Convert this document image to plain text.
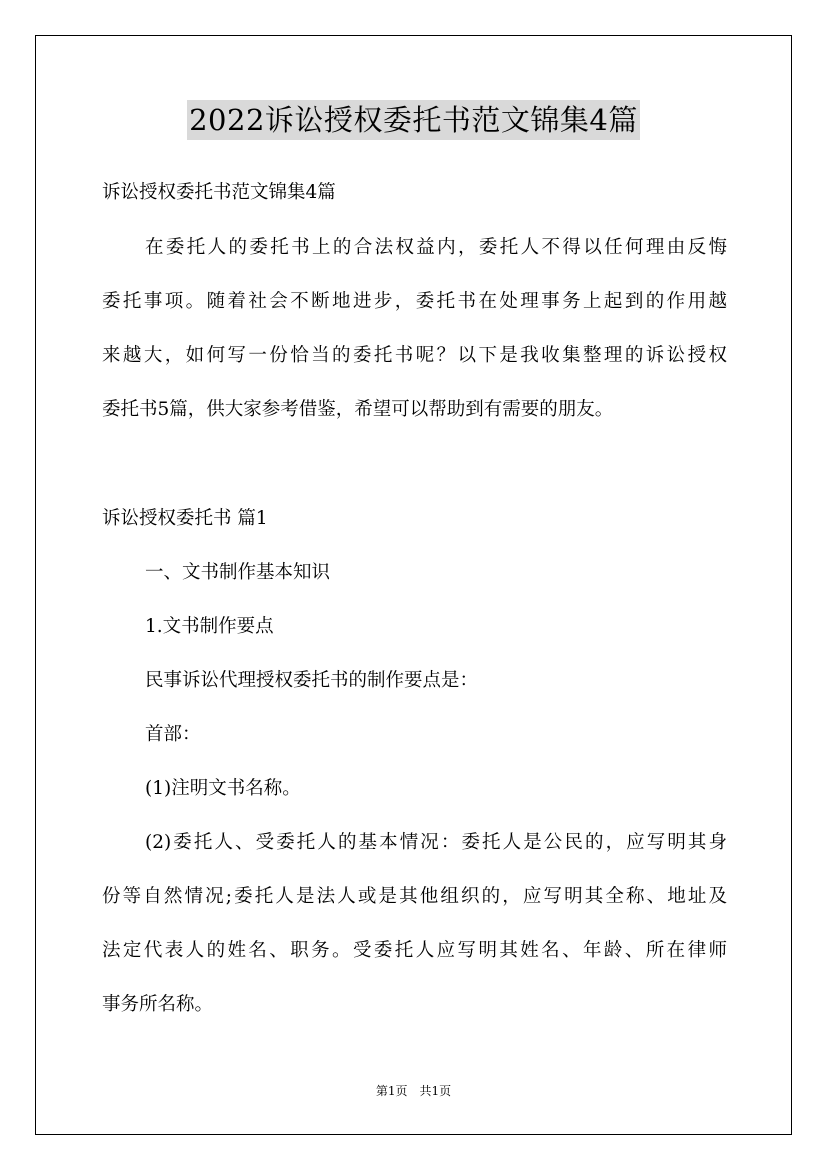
2022诉讼授权委托书范文锦集4篇
诉讼授权委托书范文锦集4篇
在委托人的委托书上的合法权益内，委托人不得以任何理由反悔
委托事项。随着社会不断地进步，委托书在处理事务上起到的作用越
来越大，如何写一份恰当的委托书呢？以下是我收集整理的诉讼授权
委托书5篇，供大家参考借鉴，希望可以帮助到有需要的朋友。
诉讼授权委托书 篇1
一、文书制作基本知识
1.文书制作要点
民事诉讼代理授权委托书的制作要点是：
首部：
(1)注明文书名称。
(2)委托人、受委托人的基本情况：委托人是公民的，应写明其身
份等自然情况;委托人是法人或是其他组织的，应写明其全称、地址及
法定代表人的姓名、职务。受委托人应写明其姓名、年龄、所在律师
事务所名称。
第1页　共1页
